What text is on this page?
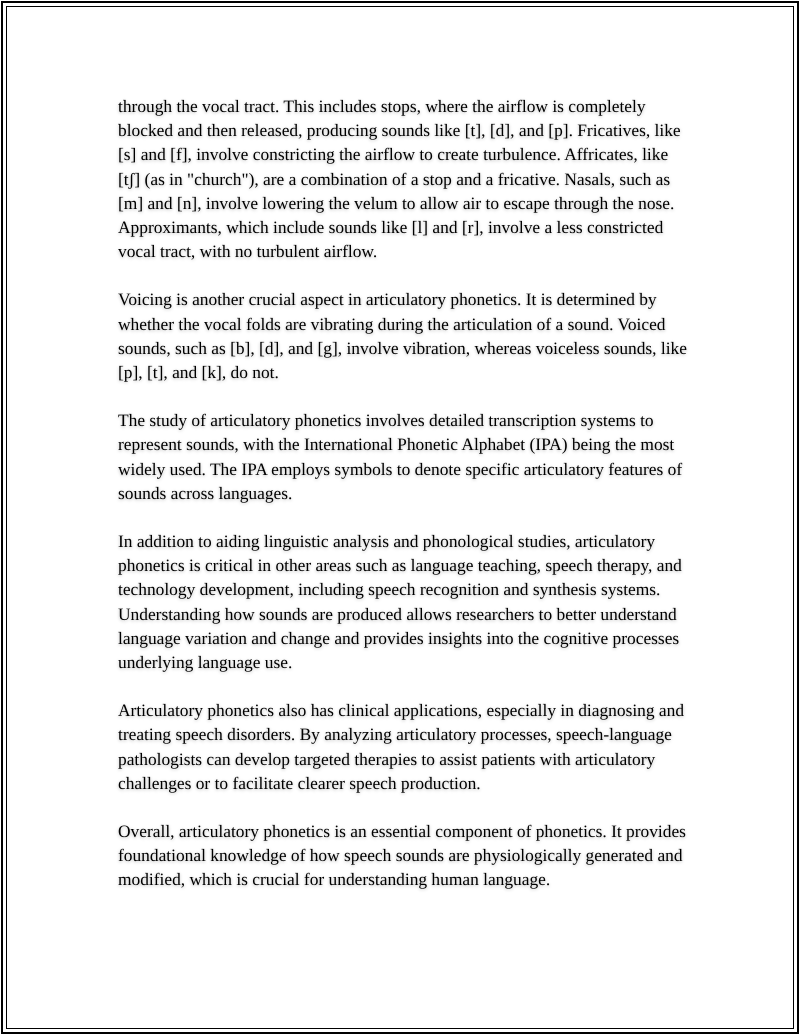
through the vocal tract. This includes stops, where the airflow is completely blocked and then released, producing sounds like [t], [d], and [p]. Fricatives, like [s] and [f], involve constricting the airflow to create turbulence. Affricates, like [tʃ] (as in "church"), are a combination of a stop and a fricative. Nasals, such as [m] and [n], involve lowering the velum to allow air to escape through the nose. Approximants, which include sounds like [l] and [r], involve a less constricted vocal tract, with no turbulent airflow.

Voicing is another crucial aspect in articulatory phonetics. It is determined by whether the vocal folds are vibrating during the articulation of a sound. Voiced sounds, such as [b], [d], and [g], involve vibration, whereas voiceless sounds, like [p], [t], and [k], do not.

The study of articulatory phonetics involves detailed transcription systems to represent sounds, with the International Phonetic Alphabet (IPA) being the most widely used. The IPA employs symbols to denote specific articulatory features of sounds across languages.

In addition to aiding linguistic analysis and phonological studies, articulatory phonetics is critical in other areas such as language teaching, speech therapy, and technology development, including speech recognition and synthesis systems. Understanding how sounds are produced allows researchers to better understand language variation and change and provides insights into the cognitive processes underlying language use.

Articulatory phonetics also has clinical applications, especially in diagnosing and treating speech disorders. By analyzing articulatory processes, speech-language pathologists can develop targeted therapies to assist patients with articulatory challenges or to facilitate clearer speech production.

Overall, articulatory phonetics is an essential component of phonetics. It provides foundational knowledge of how speech sounds are physiologically generated and modified, which is crucial for understanding human language.
